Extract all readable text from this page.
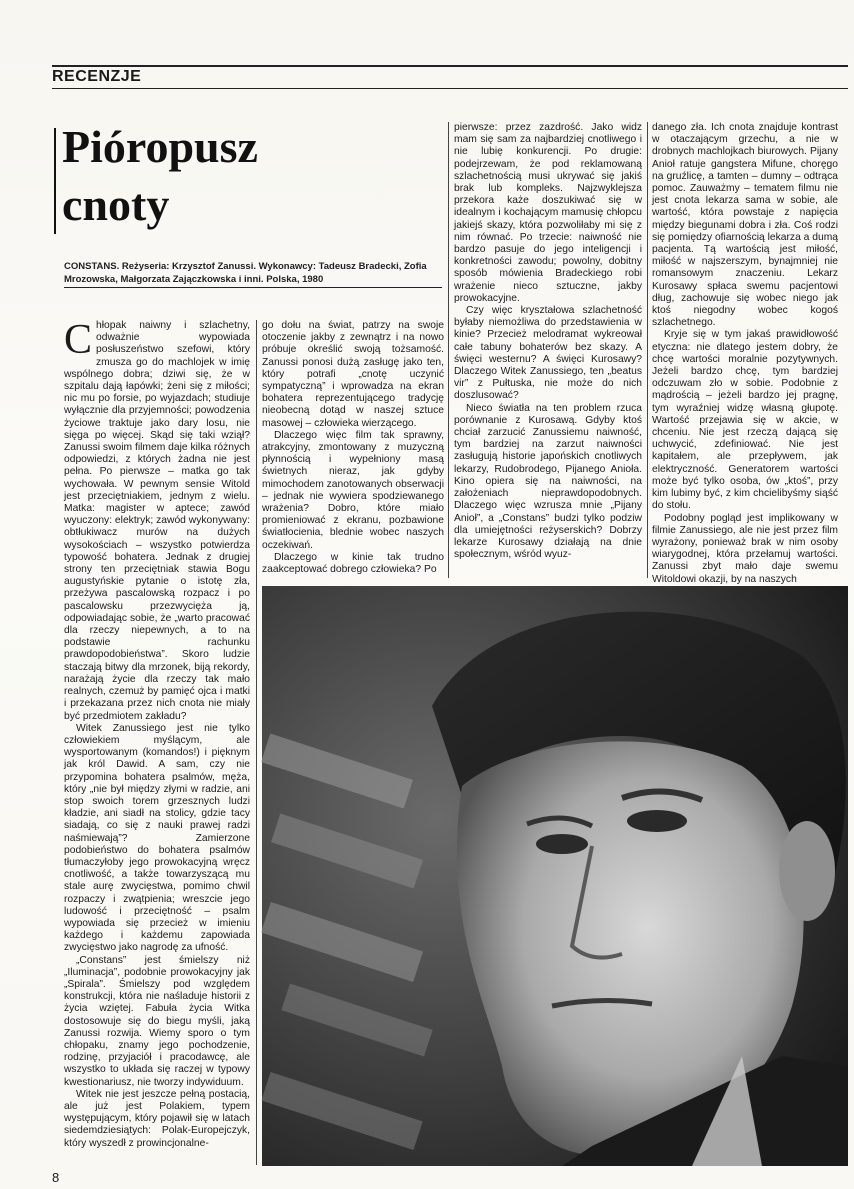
RECENZJE
Pióropusz
cnoty
CONSTANS. Reżyseria: Krzysztof Zanussi. Wykonawcy: Tadeusz Bradecki, Zofia Mrozowska, Małgorzata Zajączkowska i inni. Polska, 1980

Chłopak naiwny i szlachetny, odważnie wypowiada posłuszeństwo szefowi, który zmusza go do machlojek w imię wspólnego dobra; dziwi się, że w szpitalu dają łapówki; żeni się z miłości; nic mu po forsie, po wyjazdach; studiuje wyłącznie dla przyjemności; powodzenia życiowe traktuje jako dary losu, nie sięga po więcej. Skąd się taki wziął? Zanussi swoim filmem daje kilka różnych odpowiedzi, z których żadna nie jest pełna. Po pierwsze – matka go tak wychowała. W pewnym sensie Witold jest przeciętniakiem, jednym z wielu. Matka: magister w aptece; zawód wyuczony: elektryk; zawód wykonywany: obtłukiwacz murów na dużych wysokościach – wszystko potwierdza typowość bohatera. Jednak z drugiej strony ten przeciętniak stawia Bogu augustyńskie pytanie o istotę zła, przeżywa pascalowską rozpacz i po pascalowsku przezwycięża ją, odpowiadając sobie, że „warto pracować dla rzeczy niepewnych, a to na podstawie rachunku prawdopodobieństwa”. Skoro ludzie staczają bitwy dla mrzonek, biją rekordy, narażają życie dla rzeczy tak mało realnych, czemuż by pamięć ojca i matki i przekazana przez nich cnota nie miały być przedmiotem zakładu?

Witek Zanussiego jest nie tylko człowiekiem myślącym, ale wysportowanym (komandos!) i pięknym jak król Dawid. A sam, czy nie przypomina bohatera psalmów, męża, który „nie był między złymi w radzie, ani stop swoich torem grzesznych ludzi kładzie, ani siadł na stolicy, gdzie tacy siadają, co się z nauki prawej radzi naśmiewają”? Zamierzone podobieństwo do bohatera psalmów tłumaczyłoby jego prowokacyjną wręcz cnotliwość, a także towarzyszącą mu stale aurę zwycięstwa, pomimo chwil rozpaczy i zwątpienia; wreszcie jego ludowość i przeciętność – psalm wypowiada się przecież w imieniu każdego i każdemu zapowiada zwycięstwo jako nagrodę za ufność.

„Constans” jest śmielszy niż „Iluminacja”, podobnie prowokacyjny jak „Spirala”. Śmielszy pod względem konstrukcji, która nie naśladuje historii z życia wziętej. Fabuła życia Witka dostosowuje się do biegu myśli, jaką Zanussi rozwija. Wiemy sporo o tym chłopaku, znamy jego pochodzenie, rodzinę, przyjaciół i pracodawcę, ale wszystko to układa się raczej w typowy kwestionariusz, nie tworzy indywiduum.

Witek nie jest jeszcze pełną postacią, ale już jest Polakiem, typem występującym, który pojawił się w latach siedemdziesiątych: Polak-Europejczyk, który wyszedł z prowincjonalne-

go dołu na świat, patrzy na swoje otoczenie jakby z zewnątrz i na nowo próbuje określić swoją tożsamość. Zanussi ponosi dużą zasługę jako ten, który potrafi „cnotę uczynić sympatyczną” i wprowadza na ekran bohatera reprezentującego tradycję nieobecną dotąd w naszej sztuce masowej – człowieka wierzącego.

Dlaczego więc film tak sprawny, atrakcyjny, zmontowany z muzyczną płynnością i wypełniony masą świetnych nieraz, jak gdyby mimochodem zanotowanych obserwacji – jednak nie wywiera spodziewanego wrażenia? Dobro, które miało promieniować z ekranu, pozbawione światłocienia, blednie wobec naszych oczekiwań.

Dlaczego w kinie tak trudno zaakceptować dobrego człowieka? Po

pierwsze: przez zazdrość. Jako widz mam się sam za najbardziej cnotliwego i nie lubię konkurencji. Po drugie: podejrzewam, że pod reklamowaną szlachetnością musi ukrywać się jakiś brak lub kompleks. Najzwyklejsza przekora każe doszukiwać się w idealnym i kochającym mamusię chłopcu jakiejś skazy, która pozwoliłaby mi się z nim równać. Po trzecie: naiwność nie bardzo pasuje do jego inteligencji i konkretności zawodu; powolny, dobitny sposób mówienia Bradeckiego robi wrażenie nieco sztuczne, jakby prowokacyjne.

Czy więc kryształowa szlachetność byłaby niemożliwa do przedstawienia w kinie? Przecież melodramat wykreował całe tabuny bohaterów bez skazy. A święci westernu? A święci Kurosawy? Dlaczego Witek Zanussiego, ten „beatus vir” z Pułtuska, nie może do nich doszlusować?

Nieco światła na ten problem rzuca porównanie z Kurosawą. Gdyby ktoś chciał zarzucić Zanussiemu naiwność, tym bardziej na zarzut naiwności zasługują historie japońskich cnotliwych lekarzy, Rudobrodego, Pijanego Anioła. Kino opiera się na naiwności, na założeniach nieprawdopodobnych. Dlaczego więc wzrusza mnie „Pijany Anioł”, a „Constans” budzi tylko podziw dla umiejętności reżyserskich? Dobrzy lekarze Kurosawy działają na dnie społecznym, wśród wyuz-

danego zła. Ich cnota znajduje kontrast w otaczającym grzechu, a nie w drobnych machlojkach biurowych. Pijany Anioł ratuje gangstera Mifune, choręgo na gruźlicę, a tamten – dumny – odtrąca pomoc. Zauważmy – tematem filmu nie jest cnota lekarza sama w sobie, ale wartość, która powstaje z napięcia między biegunami dobra i zła. Coś rodzi się pomiędzy ofiarnością lekarza a dumą pacjenta. Tą wartością jest miłość, miłość w najszerszym, bynajmniej nie romansowym znaczeniu. Lekarz Kurosawy spłaca swemu pacjentowi dług, zachowuje się wobec niego jak ktoś niegodny wobec kogoś szlachetnego.

Kryje się w tym jakaś prawidłowość etyczna: nie dlatego jestem dobry, że chcę wartości moralnie pozytywnych. Jeżeli bardzo chcę, tym bardziej odczuwam zło w sobie. Podobnie z mądrością – jeżeli bardzo jej pragnę, tym wyraźniej widzę własną głupotę. Wartość przejawia się w akcie, w chceniu. Nie jest rzeczą dającą się uchwycić, zdefiniować. Nie jest kapitałem, ale przepływem, jak elektryczność. Generatorem wartości może być tylko osoba, ów „ktoś”, przy kim lubimy być, z kim chcielibyśmy siąść do stołu.

Podobny pogląd jest implikowany w filmie Zanussiego, ale nie jest przez film wyrażony, ponieważ brak w nim osoby wiarygodnej, która przełamuj wartości. Zanussi zbyt mało daje swemu Witoldowi okazji, by na naszych

8
